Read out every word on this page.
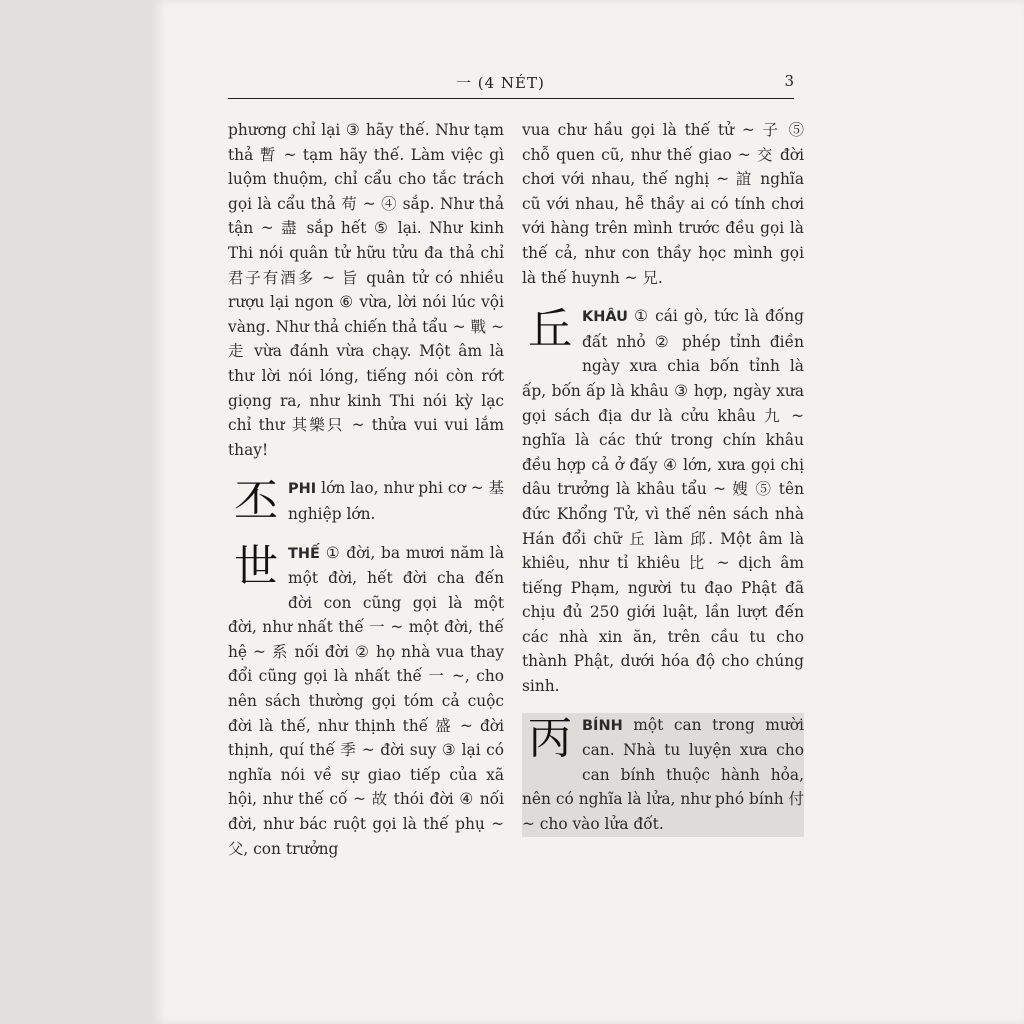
一 (4 NÉT)	3

phương chỉ lại ③ hãy thế. Như tạm thả 暫 ~ tạm hãy thế. Làm việc gì luộm thuộm, chỉ cẩu cho tắc trách gọi là cẩu thả 苟 ~ ④ sắp. Như thả tận ~ 盡 sắp hết ⑤ lại. Như kinh Thi nói quân tử hữu tửu đa thả chỉ 君子有酒多 ~ 旨 quân tử có nhiều rượu lại ngon ⑥ vừa, lời nói lúc vội vàng. Như thả chiến thả tẩu ~ 戰 ~ 走 vừa đánh vừa chạy. Một âm là thư lời nói lóng, tiếng nói còn rớt giọng ra, như kinh Thi nói kỳ lạc chỉ thư 其樂只 ~ thửa vui vui lắm thay!

丕 PHI lớn lao, như phi cơ ~ 基 nghiệp lớn.

世 THẾ ① đời, ba mươi năm là một đời, hết đời cha đến đời con cũng gọi là một đời, như nhất thế 一 ~ một đời, thế hệ ~ 系 nối đời ② họ nhà vua thay đổi cũng gọi là nhất thế 一 ~, cho nên sách thường gọi tóm cả cuộc đời là thế, như thịnh thế 盛 ~ đời thịnh, quí thế 季 ~ đời suy ③ lại có nghĩa nói về sự giao tiếp của xã hội, như thế cố ~ 故 thói đời ④ nối đời, như bác ruột gọi là thế phụ ~ 父, con trưởng

vua chư hầu gọi là thế tử ~ 子 ⑤ chỗ quen cũ, như thế giao ~ 交 đời chơi với nhau, thế nghị ~ 誼 nghĩa cũ với nhau, hễ thầy ai có tính chơi với hàng trên mình trước đều gọi là thế cả, như con thầy học mình gọi là thế huynh ~ 兄.

丘 KHÂU ① cái gò, tức là đống đất nhỏ ② phép tỉnh điền ngày xưa chia bốn tỉnh là ấp, bốn ấp là khâu ③ hợp, ngày xưa gọi sách địa dư là cửu khâu 九 ~ nghĩa là các thứ trong chín khâu đều hợp cả ở đấy ④ lớn, xưa gọi chị dâu trưởng là khâu tẩu ~ 嫂 ⑤ tên đức Khổng Tử, vì thế nên sách nhà Hán đổi chữ 丘 làm 邱. Một âm là khiêu, như tỉ khiêu 比 ~ dịch âm tiếng Phạm, người tu đạo Phật đã chịu đủ 250 giới luật, lần lượt đến các nhà xin ăn, trên cầu tu cho thành Phật, dưới hóa độ cho chúng sinh.

丙 BÍNH một can trong mười can. Nhà tu luyện xưa cho can bính thuộc hành hỏa, nên có nghĩa là lửa, như phó bính 付 ~ cho vào lửa đốt.
